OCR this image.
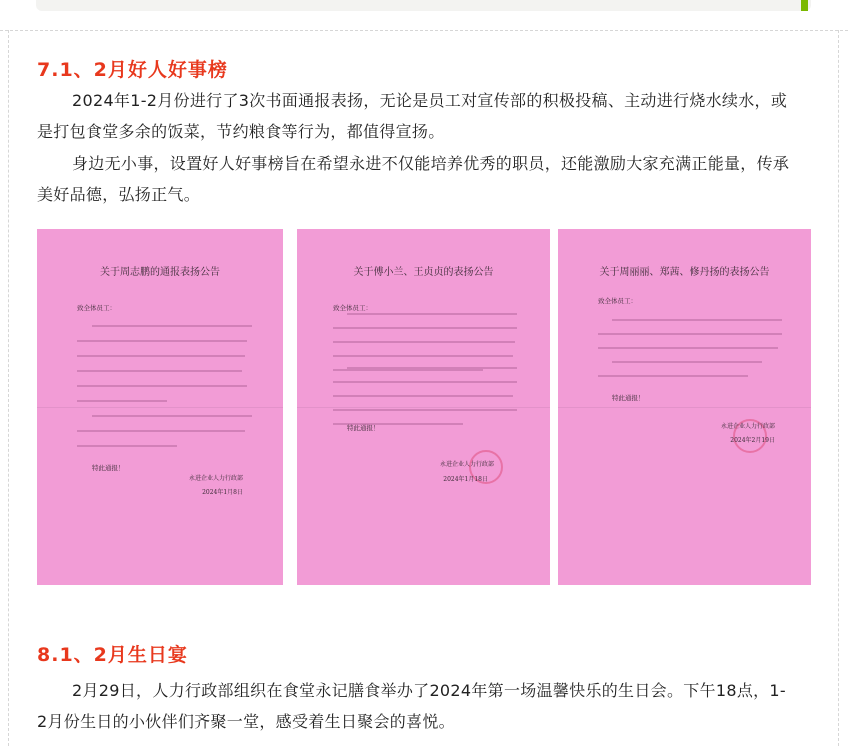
7.1、2月好人好事榜

2024年1-2月份进行了3次书面通报表扬，无论是员工对宣传部的积极投稿、主动进行烧水续水，或是打包食堂多余的饭菜，节约粮食等行为，都值得宣扬。

身边无小事，设置好人好事榜旨在希望永进不仅能培养优秀的职员，还能激励大家充满正能量，传承美好品德，弘扬正气。

关于周志鹏的通报表扬公告
致全体员工：
特此通报！
永进企业人力行政部
2024年1月8日
关于傅小兰、王贞贞的表扬公告
致全体员工：
特此通报！
永进企业人力行政部
2024年1月18日
关于周丽丽、郑茜、修丹扬的表扬公告
致全体员工：
特此通报！
永进企业人力行政部
2024年2月19日
8.1、2月生日宴

2月29日，人力行政部组织在食堂永记膳食举办了2024年第一场温馨快乐的生日会。下午18点，1-2月份生日的小伙伴们齐聚一堂，感受着生日聚会的喜悦。
